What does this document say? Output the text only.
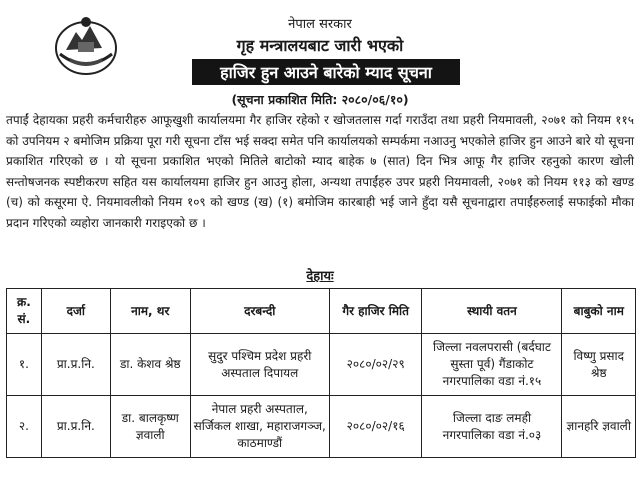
नेपाल सरकार
गृह मन्त्रालयबाट जारी भएको
हाजिर हुन आउने बारेको म्याद सूचना
(सूचना प्रकाशित मिति: २०८०/०६/१०)
तपाईं देहायका प्रहरी कर्मचारीहरु आफूखुशी कार्यालयमा गैर हाजिर रहेको र खोजतलास गर्दा गराउँदा तथा प्रहरी नियमावली, २०७१ को नियम ११५ को उपनियम २ बमोजिम प्रक्रिया पूरा गरी सूचना टाँस भई सक्दा समेत पनि कार्यालयको सम्पर्कमा नआउनु भएकोले हाजिर हुन आउने बारे यो सूचना प्रकाशित गरिएको छ । यो सूचना प्रकाशित भएको मितिले बाटोको म्याद बाहेक ७ (सात) दिन भित्र आफू गैर हाजिर रहनुको कारण खोली सन्तोषजनक स्पष्टीकरण सहित यस कार्यालयमा हाजिर हुन आउनु होला, अन्यथा तपाईंहरु उपर प्रहरी नियमावली, २०७१ को नियम ११३ को खण्ड (च) को कसूरमा ऐ. नियमावलीको नियम १०९ को खण्ड (ख) (१) बमोजिम कारबाही भई जाने हुँदा यसै सूचनाद्वारा तपाईंहरुलाई सफाईको मौका प्रदान गरिएको व्यहोरा जानकारी गराइएको छ ।
देहायः
क्र. सं.	दर्जा	नाम, थर	दरबन्दी	गैर हाजिर मिति	स्थायी वतन	बाबुको नाम
१.	प्रा.प्र.नि.	डा. केशव श्रेष्ठ	सुदुर पश्चिम प्रदेश प्रहरी अस्पताल दिपायल	२०८०/०२/२९	जिल्ला नवलपरासी (बर्दघाट सुस्ता पूर्व) गैंडाकोट नगरपालिका वडा नं.१५	विष्णु प्रसाद श्रेष्ठ
२.	प्रा.प्र.नि.	डा. बालकृष्ण ज्ञवाली	नेपाल प्रहरी अस्पताल, सर्जिकल शाखा, महाराजगञ्ज, काठमाण्डौं	२०८०/०२/१६	जिल्ला दाङ लमही नगरपालिका वडा नं.०३	ज्ञानहरि ज्ञवाली
